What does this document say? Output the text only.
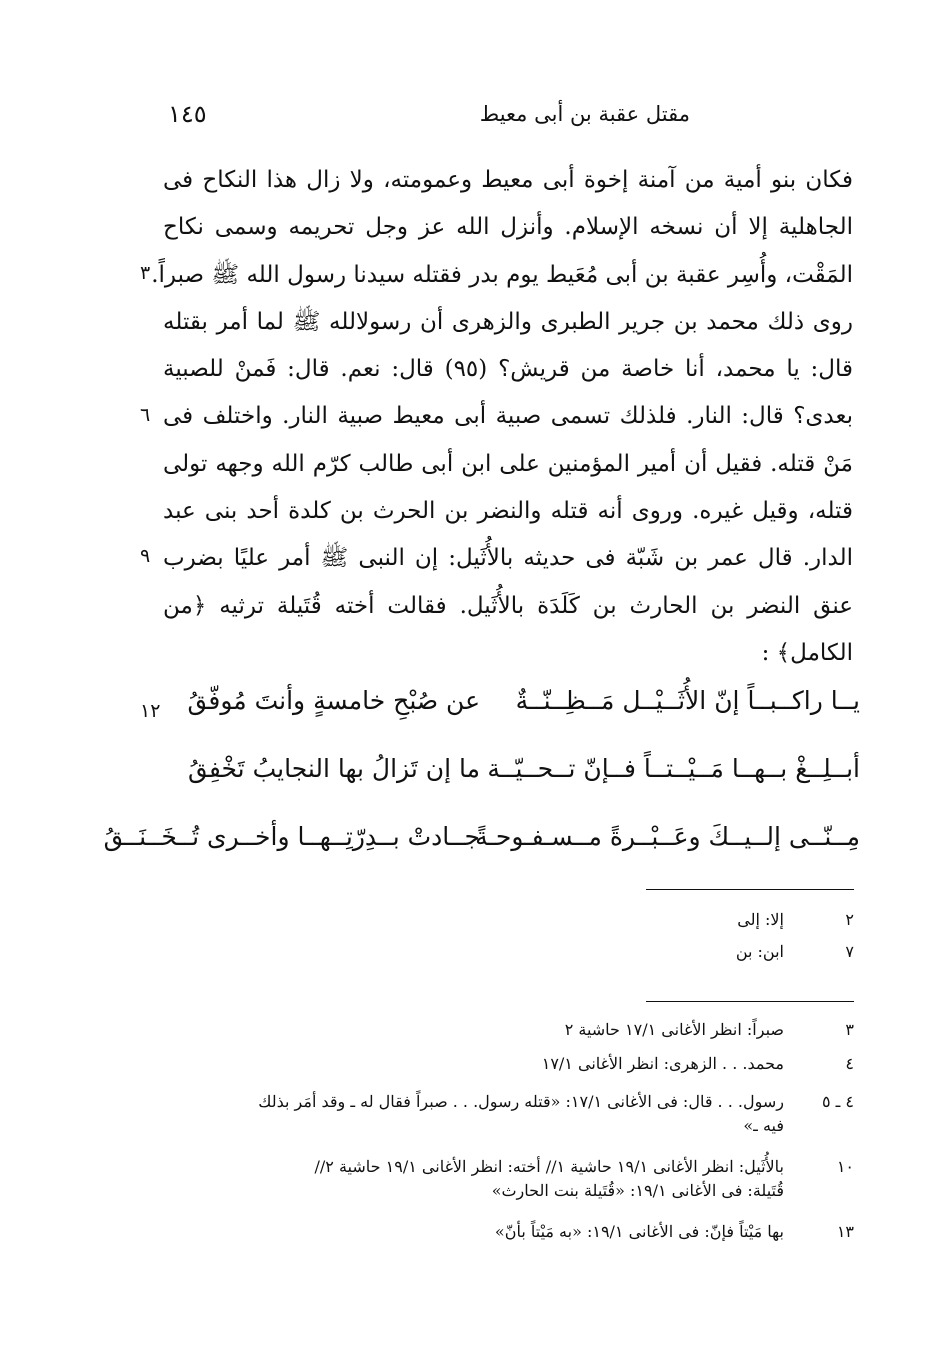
١٤٥	مقتل عقبة بن أبى معيط
فكان بنو أمية من آمنة إخوة أبى معيط وعمومته، ولا زال هذا النكاح فى
الجاهلية إلا أن نسخه الإسلام. وأنزل الله عز وجل تحريمه وسمى نكاح
المَقْت، وأُسِر عقبة بن أبى مُعَيط يوم بدر فقتله سيدنا رسول الله ﷺ صبراً.
روى ذلك محمد بن جرير الطبرى والزهرى أن رسولالله ﷺ لما أمر بقتله
قال: يا محمد، أنا خاصة من قريش؟ (٩٥) قال: نعم. قال: فَمنْ للصبية
بعدى؟ قال: النار. فلذلك تسمى صبية أبى معيط صبية النار. واختلف فى
مَنْ قتله. فقيل أن أمير المؤمنين على ابن أبى طالب كرّم الله وجهه تولى
قتله، وقيل غيره. وروى أنه قتله والنضر بن الحرث بن كلدة أحد بنى عبد
الدار. قال عمر بن شَبّة فى حديثه بالأُثَيل: إن النبى ﷺ أمر عليًا بضرب
عنق النضر بن الحارث بن كَلَدَة بالأُثَيل. فقالت أخته قُتَيلة ترثيه ﴿من
الكامل﴾ :
٣
٦
٩
١٢	يــا راكــبــاً إنّ الأُثَــيْــل مَــظِــنّــةٌ
عن صُبْحِ خامسةٍ وأنتَ مُوفّقُ
أبــلِــغْ بــهــا مَــيْــتــاً فــإنّ تــحــيّــة
ما إن تَزالُ بها النجايبُ تَخْفِقُ
مِــنّــى إلــيــكَ وعَــبْــرةً مــسـفـوحـةً
جــادتْ بــدِرّتِــهــا وأخــرى تُــخَــنَــقُ
٢
إلا: إلى
٧
ابن: بن
٣
صبراً: انظر الأغانى ١٧/١ حاشية ٢
٤
محمد. . . الزهرى: انظر الأغانى ١٧/١
٤ ـ ٥
رسول. . . قال: فى الأغانى ١٧/١: «قتله رسول. . . صبراً فقال له ـ وقد أمَر بذلك
فيه ـ»
١٠
بالأُثَيل: انظر الأغانى ١٩/١ حاشية ١// أخته: انظر الأغانى ١٩/١ حاشية ٢//
قُتَيلة: فى الأغانى ١٩/١: «قُتَيلة بنت الحارث»
١٣
بها مَيْتاً فإنّ: فى الأغانى ١٩/١: «به مَيْتاً بأنّ»
